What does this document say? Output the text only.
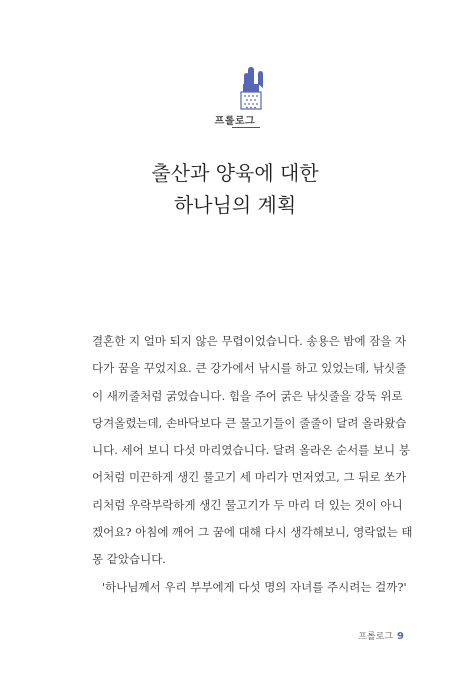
프롤로그
출산과 양육에 대한
하나님의 계획
결혼한 지 얼마 되지 않은 무렵이었습니다. 송용은 밤에 잠을 자
다가 꿈을 꾸었지요. 큰 강가에서 낚시를 하고 있었는데, 낚싯줄
이 새끼줄처럼 굵었습니다. 힘을 주어 굵은 낚싯줄을 강둑 위로
당겨올렸는데, 손바닥보다 큰 물고기들이 줄줄이 달려 올라왔습
니다. 세어 보니 다섯 마리였습니다. 달려 올라온 순서를 보니 붕
어처럼 미끈하게 생긴 물고기 세 마리가 먼저였고, 그 뒤로 쏘가
리처럼 우락부락하게 생긴 물고기가 두 마리 더 있는 것이 아니
겠어요? 아침에 깨어 그 꿈에 대해 다시 생각해보니, 영락없는 태
몽 같았습니다.
'하나님께서 우리 부부에게 다섯 명의 자녀를 주시려는 걸까?'
프롤로그 9
